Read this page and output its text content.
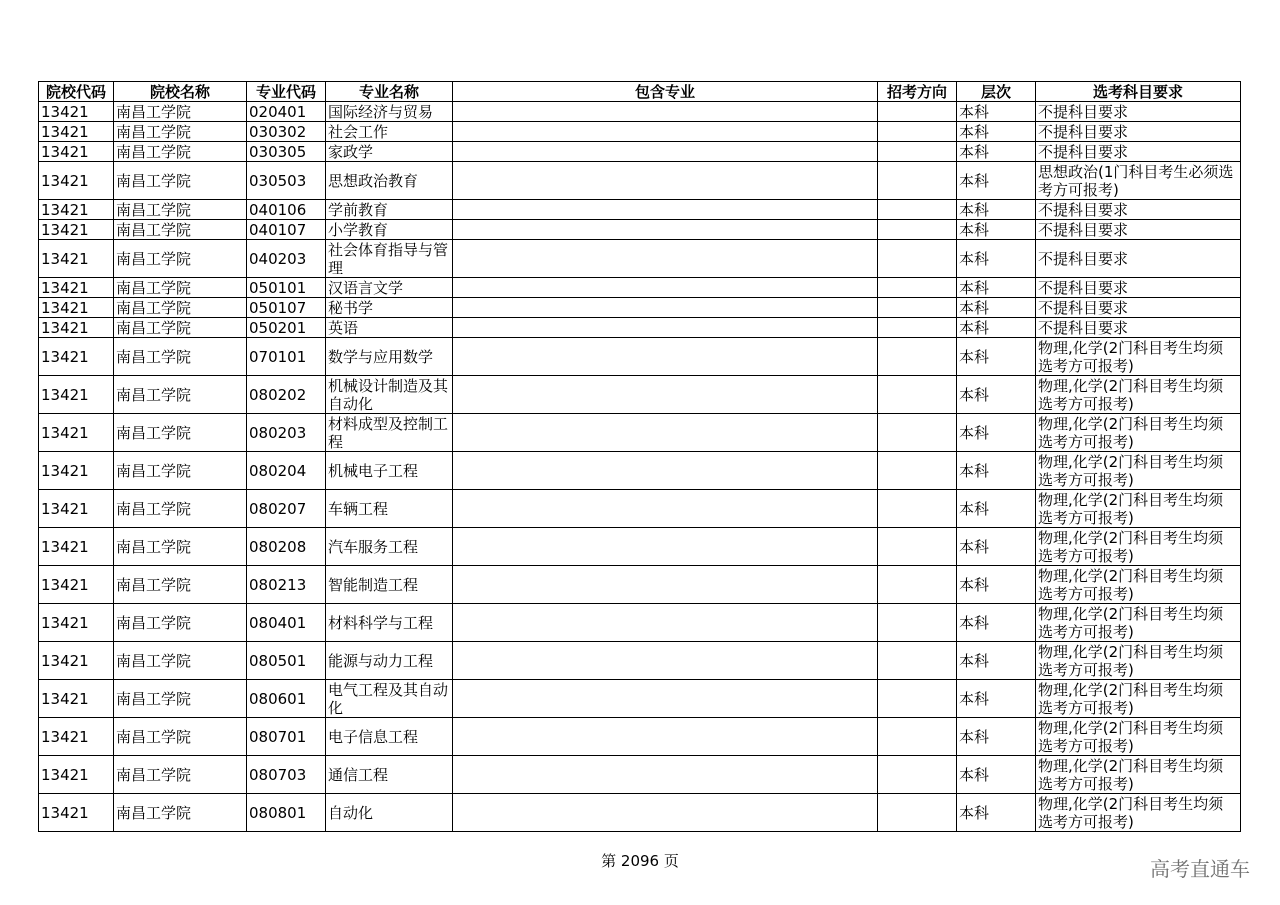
院校代码	院校名称	专业代码	专业名称	包含专业	招考方向	层次	选考科目要求
13421	南昌工学院	020401	国际经济与贸易			本科	不提科目要求
13421	南昌工学院	030302	社会工作			本科	不提科目要求
13421	南昌工学院	030305	家政学			本科	不提科目要求
13421	南昌工学院	030503	思想政治教育			本科	思想政治(1门科目考生必须选考方可报考)
13421	南昌工学院	040106	学前教育			本科	不提科目要求
13421	南昌工学院	040107	小学教育			本科	不提科目要求
13421	南昌工学院	040203	社会体育指导与管理			本科	不提科目要求
13421	南昌工学院	050101	汉语言文学			本科	不提科目要求
13421	南昌工学院	050107	秘书学			本科	不提科目要求
13421	南昌工学院	050201	英语			本科	不提科目要求
13421	南昌工学院	070101	数学与应用数学			本科	物理,化学(2门科目考生均须选考方可报考)
13421	南昌工学院	080202	机械设计制造及其自动化			本科	物理,化学(2门科目考生均须选考方可报考)
13421	南昌工学院	080203	材料成型及控制工程			本科	物理,化学(2门科目考生均须选考方可报考)
13421	南昌工学院	080204	机械电子工程			本科	物理,化学(2门科目考生均须选考方可报考)
13421	南昌工学院	080207	车辆工程			本科	物理,化学(2门科目考生均须选考方可报考)
13421	南昌工学院	080208	汽车服务工程			本科	物理,化学(2门科目考生均须选考方可报考)
13421	南昌工学院	080213	智能制造工程			本科	物理,化学(2门科目考生均须选考方可报考)
13421	南昌工学院	080401	材料科学与工程			本科	物理,化学(2门科目考生均须选考方可报考)
13421	南昌工学院	080501	能源与动力工程			本科	物理,化学(2门科目考生均须选考方可报考)
13421	南昌工学院	080601	电气工程及其自动化			本科	物理,化学(2门科目考生均须选考方可报考)
13421	南昌工学院	080701	电子信息工程			本科	物理,化学(2门科目考生均须选考方可报考)
13421	南昌工学院	080703	通信工程			本科	物理,化学(2门科目考生均须选考方可报考)
13421	南昌工学院	080801	自动化			本科	物理,化学(2门科目考生均须选考方可报考)
第 2096 页	高考直通车
